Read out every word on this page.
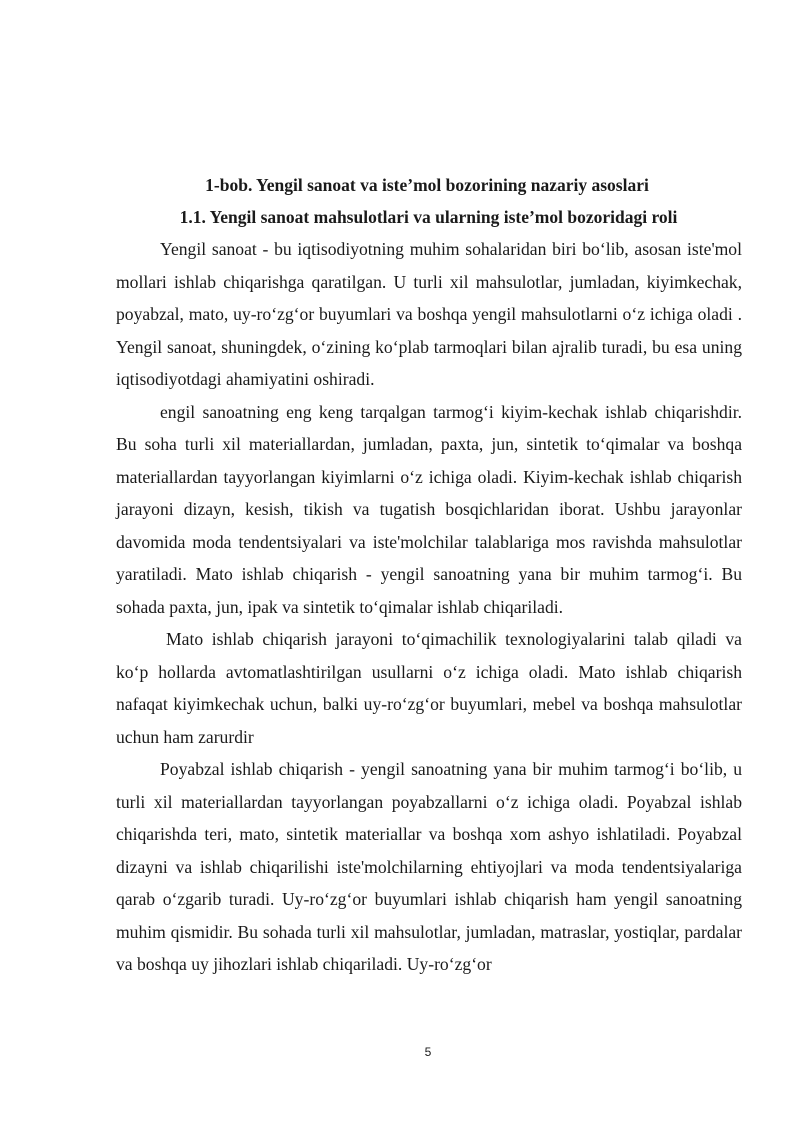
1-bob. Yengil sanoat va iste’mol bozorining nazariy asoslari
1.1. Yengil sanoat mahsulotlari va ularning iste’mol bozoridagi roli

Yengil sanoat - bu iqtisodiyotning muhim sohalaridan biri bo‘lib, asosan iste'mol mollari ishlab chiqarishga qaratilgan. U turli xil mahsulotlar, jumladan, kiyimkechak, poyabzal, mato, uy-ro‘zg‘or buyumlari va boshqa yengil mahsulotlarni o‘z ichiga oladi . Yengil sanoat, shuningdek, o‘zining ko‘plab tarmoqlari bilan ajralib turadi, bu esa uning iqtisodiyotdagi ahamiyatini oshiradi.

engil sanoatning eng keng tarqalgan tarmog‘i kiyim-kechak ishlab chiqarishdir. Bu soha turli xil materiallardan, jumladan, paxta, jun, sintetik to‘qimalar va boshqa materiallardan tayyorlangan kiyimlarni o‘z ichiga oladi. Kiyim-kechak ishlab chiqarish jarayoni dizayn, kesish, tikish va tugatish bosqichlaridan iborat. Ushbu jarayonlar davomida moda tendentsiyalari va iste'molchilar talablariga mos ravishda mahsulotlar yaratiladi. Mato ishlab chiqarish - yengil sanoatning yana bir muhim tarmog‘i. Bu sohada paxta, jun, ipak va sintetik to‘qimalar ishlab chiqariladi.

Mato ishlab chiqarish jarayoni to‘qimachilik texnologiyalarini talab qiladi va ko‘p hollarda avtomatlashtirilgan usullarni o‘z ichiga oladi. Mato ishlab chiqarish nafaqat kiyimkechak uchun, balki uy-ro‘zg‘or buyumlari, mebel va boshqa mahsulotlar uchun ham zarurdir

Poyabzal ishlab chiqarish - yengil sanoatning yana bir muhim tarmog‘i bo‘lib, u turli xil materiallardan tayyorlangan poyabzallarni o‘z ichiga oladi. Poyabzal ishlab chiqarishda teri, mato, sintetik materiallar va boshqa xom ashyo ishlatiladi. Poyabzal dizayni va ishlab chiqarilishi iste'molchilarning ehtiyojlari va moda tendentsiyalariga qarab o‘zgarib turadi. Uy-ro‘zg‘or buyumlari ishlab chiqarish ham yengil sanoatning muhim qismidir. Bu sohada turli xil mahsulotlar, jumladan, matraslar, yostiqlar, pardalar va boshqa uy jihozlari ishlab chiqariladi. Uy-ro‘zg‘or

5
